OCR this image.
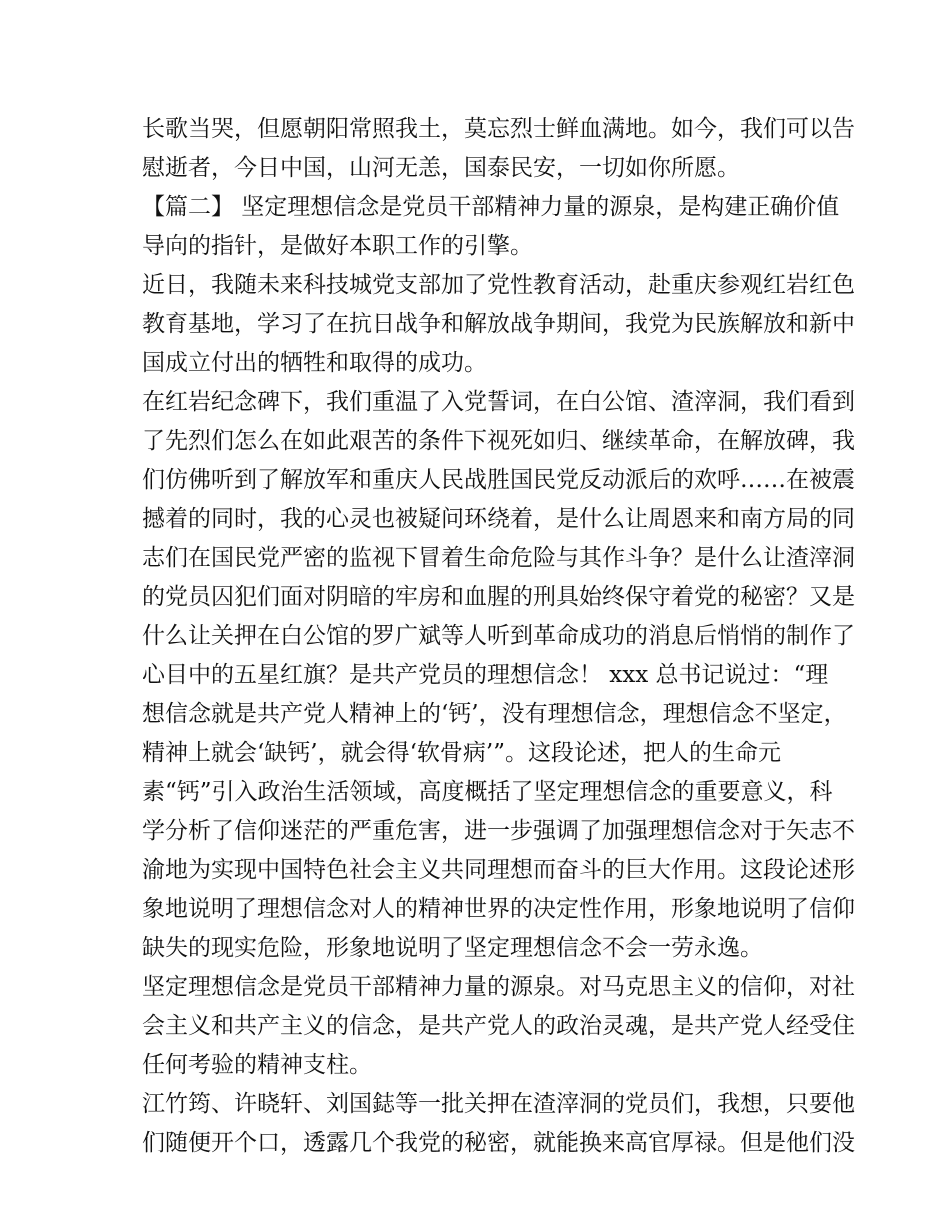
长歌当哭，但愿朝阳常照我土，莫忘烈士鲜血满地。如今，我们可以告

慰逝者，今日中国，山河无恙，国泰民安，一切如你所愿。

【篇二】 坚定理想信念是党员干部精神力量的源泉，是构建正确价值

导向的指针，是做好本职工作的引擎。

近日，我随未来科技城党支部加了党性教育活动，赴重庆参观红岩红色

教育基地，学习了在抗日战争和解放战争期间，我党为民族解放和新中

国成立付出的牺牲和取得的成功。

在红岩纪念碑下，我们重温了入党誓词，在白公馆、渣滓洞，我们看到

了先烈们怎么在如此艰苦的条件下视死如归、继续革命，在解放碑，我

们仿佛听到了解放军和重庆人民战胜国民党反动派后的欢呼……在被震

撼着的同时，我的心灵也被疑问环绕着，是什么让周恩来和南方局的同

志们在国民党严密的监视下冒着生命危险与其作斗争？是什么让渣滓洞

的党员囚犯们面对阴暗的牢房和血腥的刑具始终保守着党的秘密？又是

什么让关押在白公馆的罗广斌等人听到革命成功的消息后悄悄的制作了

心目中的五星红旗？是共产党员的理想信念！ xxx 总书记说过：“理

想信念就是共产党人精神上的‘钙’，没有理想信念，理想信念不坚定，

精神上就会‘缺钙’，就会得‘软骨病’”。这段论述，把人的生命元

素“钙”引入政治生活领域，高度概括了坚定理想信念的重要意义，科

学分析了信仰迷茫的严重危害，进一步强调了加强理想信念对于矢志不

渝地为实现中国特色社会主义共同理想而奋斗的巨大作用。这段论述形

象地说明了理想信念对人的精神世界的决定性作用，形象地说明了信仰

缺失的现实危险，形象地说明了坚定理想信念不会一劳永逸。

坚定理想信念是党员干部精神力量的源泉。对马克思主义的信仰，对社

会主义和共产主义的信念，是共产党人的政治灵魂，是共产党人经受住

任何考验的精神支柱。

江竹筠、许晓轩、刘国鋕等一批关押在渣滓洞的党员们，我想，只要他

们随便开个口，透露几个我党的秘密，就能换来高官厚禄。但是他们没
